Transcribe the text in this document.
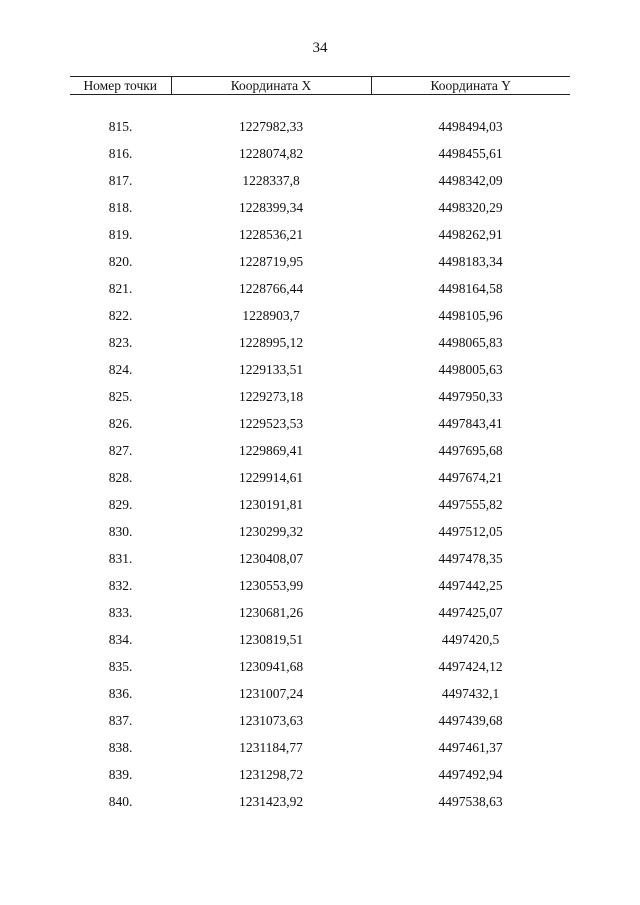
34
Номер точки	Координата X	Координата Y

815.	1227982,33	4498494,03
816.	1228074,82	4498455,61
817.	1228337,8	4498342,09
818.	1228399,34	4498320,29
819.	1228536,21	4498262,91
820.	1228719,95	4498183,34
821.	1228766,44	4498164,58
822.	1228903,7	4498105,96
823.	1228995,12	4498065,83
824.	1229133,51	4498005,63
825.	1229273,18	4497950,33
826.	1229523,53	4497843,41
827.	1229869,41	4497695,68
828.	1229914,61	4497674,21
829.	1230191,81	4497555,82
830.	1230299,32	4497512,05
831.	1230408,07	4497478,35
832.	1230553,99	4497442,25
833.	1230681,26	4497425,07
834.	1230819,51	4497420,5
835.	1230941,68	4497424,12
836.	1231007,24	4497432,1
837.	1231073,63	4497439,68
838.	1231184,77	4497461,37
839.	1231298,72	4497492,94
840.	1231423,92	4497538,63
